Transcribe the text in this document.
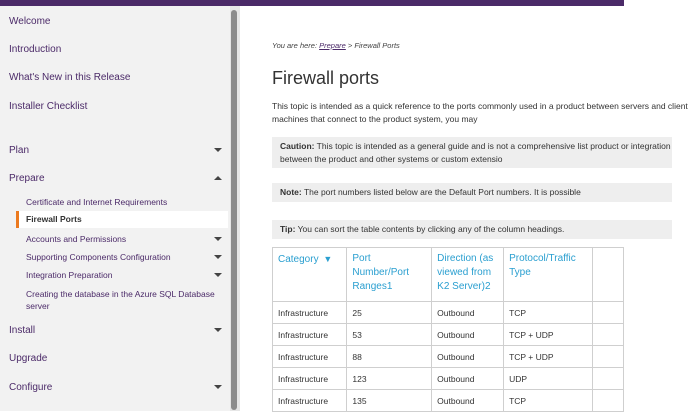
Welcome
Introduction
What's New in this Release
Installer Checklist
Plan
Prepare
Certificate and Internet Requirements
Firewall Ports
Accounts and Permissions
Supporting Components Configuration
Integration Preparation
Creating the database in the Azure SQL Database server
Install
Upgrade
Configure
You are here: Prepare > Firewall Ports
Firewall ports
This topic is intended as a quick reference to the ports commonly used in a product between servers and client machines that connect to the product system, you may
Caution: This topic is intended as a general guide and is not a comprehensive list product or integration between the product and other systems or custom extensio
Note: The port numbers listed below are the Default Port numbers. It is possible
Tip: You can sort the table contents by clicking any of the column headings.
Category ▼	Port Number/Port Ranges1	Direction (as viewed from K2 Server)2	Protocol/Traffic Type	
Infrastructure	25	Outbound	TCP	
Infrastructure	53	Outbound	TCP + UDP	
Infrastructure	88	Outbound	TCP + UDP	
Infrastructure	123	Outbound	UDP	
Infrastructure	135	Outbound	TCP	
